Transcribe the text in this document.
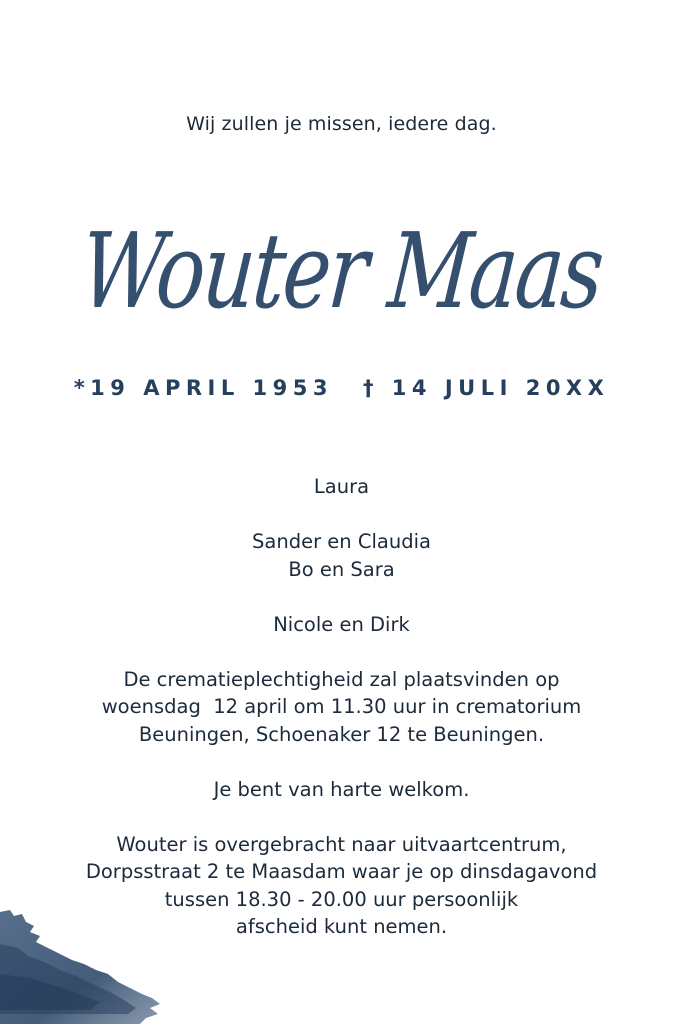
Wij zullen je missen, iedere dag.
Wouter Maas
*19 APRIL 1953 † 14 JULI 20XX

Laura

Sander en Claudia
Bo en Sara

Nicole en Dirk

De crematieplechtigheid zal plaatsvinden op
woensdag  12 april om 11.30 uur in crematorium
Beuningen, Schoenaker 12 te Beuningen.

Je bent van harte welkom.

Wouter is overgebracht naar uitvaartcentrum,
Dorpsstraat 2 te Maasdam waar je op dinsdagavond
tussen 18.30 - 20.00 uur persoonlijk
afscheid kunt nemen.
